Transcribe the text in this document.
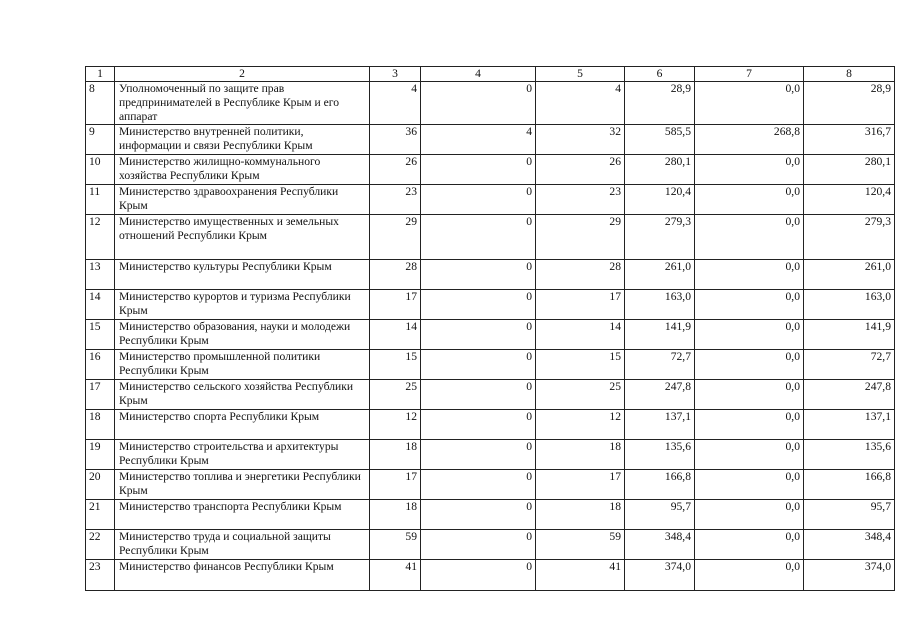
1	2	3	4	5	6	7	8
8	Уполномоченный по защите прав предпринимателей в Республике Крым и его аппарат	4	0	4	28,9	0,0	28,9
9	Министерство внутренней политики, информации и связи Республики Крым	36	4	32	585,5	268,8	316,7
10	Министерство жилищно-коммунального хозяйства Республики Крым	26	0	26	280,1	0,0	280,1
11	Министерство здравоохранения Республики Крым	23	0	23	120,4	0,0	120,4
12	Министерство имущественных и земельных отношений Республики Крым	29	0	29	279,3	0,0	279,3
13	Министерство культуры Республики Крым	28	0	28	261,0	0,0	261,0
14	Министерство курортов и туризма Республики Крым	17	0	17	163,0	0,0	163,0
15	Министерство образования, науки и молодежи Республики Крым	14	0	14	141,9	0,0	141,9
16	Министерство промышленной политики Республики Крым	15	0	15	72,7	0,0	72,7
17	Министерство сельского хозяйства Республики Крым	25	0	25	247,8	0,0	247,8
18	Министерство спорта Республики Крым	12	0	12	137,1	0,0	137,1
19	Министерство строительства и архитектуры Республики Крым	18	0	18	135,6	0,0	135,6
20	Министерство топлива и энергетики Республики Крым	17	0	17	166,8	0,0	166,8
21	Министерство транспорта Республики Крым	18	0	18	95,7	0,0	95,7
22	Министерство труда и социальной защиты Республики Крым	59	0	59	348,4	0,0	348,4
23	Министерство финансов Республики Крым	41	0	41	374,0	0,0	374,0
